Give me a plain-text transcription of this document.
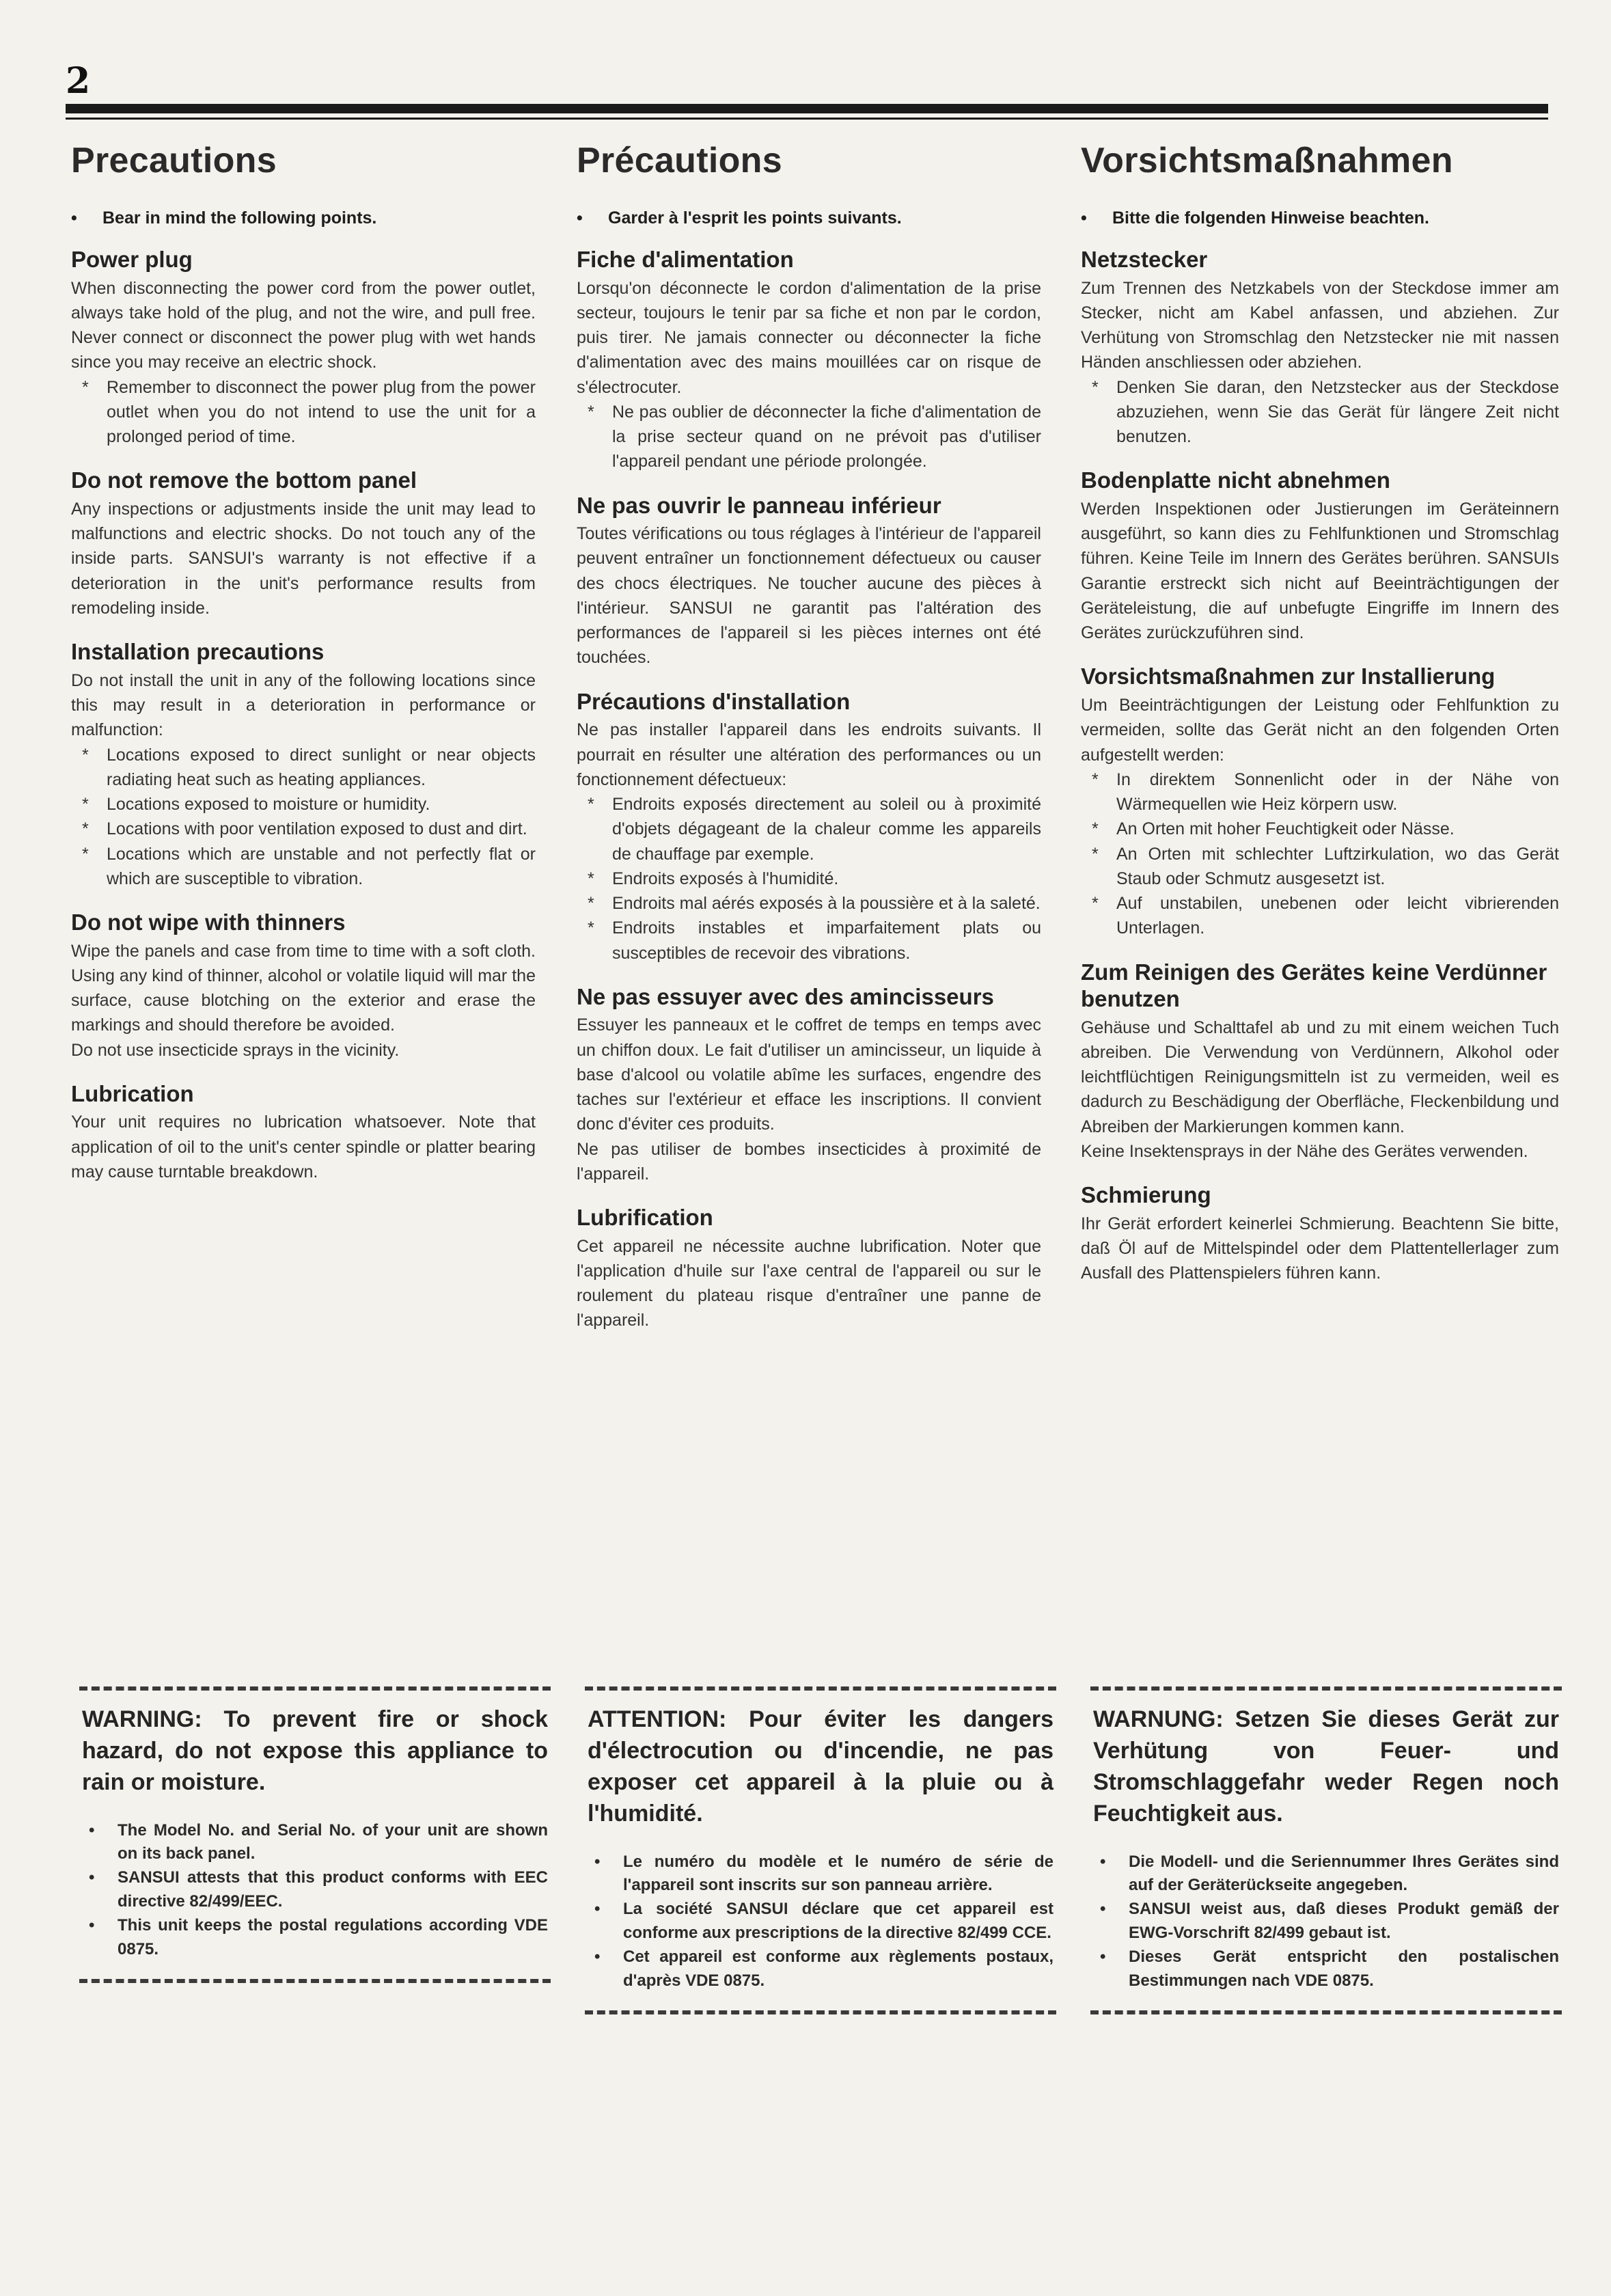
2
Precautions

• Bear in mind the following points.

Power plug

When disconnecting the power cord from the power outlet, always take hold of the plug, and not the wire, and pull free. Never connect or disconnect the power plug with wet hands since you may receive an electric shock.

* Remember to disconnect the power plug from the power outlet when you do not intend to use the unit for a prolonged period of time.
Do not remove the bottom panel

Any inspections or adjustments inside the unit may lead to malfunctions and electric shocks. Do not touch any of the inside parts. SANSUI's warranty is not effective if a deterioration in the unit's performance results from remodeling inside.

Installation precautions

Do not install the unit in any of the following locations since this may result in a deterioration in performance or malfunction:

* Locations exposed to direct sunlight or near objects radiating heat such as heating appliances.
* Locations exposed to moisture or humidity.
* Locations with poor ventilation exposed to dust and dirt.
* Locations which are unstable and not perfectly flat or which are susceptible to vibration.
Do not wipe with thinners

Wipe the panels and case from time to time with a soft cloth. Using any kind of thinner, alcohol or volatile liquid will mar the surface, cause blotching on the exterior and erase the markings and should therefore be avoided.

Do not use insecticide sprays in the vicinity.

Lubrication

Your unit requires no lubrication whatsoever. Note that application of oil to the unit's center spindle or platter bearing may cause turntable breakdown.

Précautions

• Garder à l'esprit les points suivants.

Fiche d'alimentation

Lorsqu'on déconnecte le cordon d'alimentation de la prise secteur, toujours le tenir par sa fiche et non par le cordon, puis tirer. Ne jamais connecter ou déconnecter la fiche d'alimentation avec des mains mouillées car on risque de s'électrocuter.

* Ne pas oublier de déconnecter la fiche d'alimentation de la prise secteur quand on ne prévoit pas d'utiliser l'appareil pendant une période prolongée.
Ne pas ouvrir le panneau inférieur

Toutes vérifications ou tous réglages à l'intérieur de l'appareil peuvent entraîner un fonctionnement défectueux ou causer des chocs électriques. Ne toucher aucune des pièces à l'intérieur. SANSUI ne garantit pas l'altération des performances de l'appareil si les pièces internes ont été touchées.

Précautions d'installation

Ne pas installer l'appareil dans les endroits suivants. Il pourrait en résulter une altération des performances ou un fonctionnement défectueux:

* Endroits exposés directement au soleil ou à proximité d'objets dégageant de la chaleur comme les appareils de chauffage par exemple.
* Endroits exposés à l'humidité.
* Endroits mal aérés exposés à la poussière et à la saleté.
* Endroits instables et imparfaitement plats ou susceptibles de recevoir des vibrations.
Ne pas essuyer avec des amincisseurs

Essuyer les panneaux et le coffret de temps en temps avec un chiffon doux. Le fait d'utiliser un amincisseur, un liquide à base d'alcool ou volatile abîme les surfaces, engendre des taches sur l'extérieur et efface les inscriptions. Il convient donc d'éviter ces produits.

Ne pas utiliser de bombes insecticides à proximité de l'appareil.

Lubrification

Cet appareil ne nécessite auchne lubrification. Noter que l'application d'huile sur l'axe central de l'appareil ou sur le roulement du plateau risque d'entraîner une panne de l'appareil.

Vorsichtsmaßnahmen

• Bitte die folgenden Hinweise beachten.

Netzstecker

Zum Trennen des Netzkabels von der Steckdose immer am Stecker, nicht am Kabel anfassen, und abziehen. Zur Verhütung von Stromschlag den Netzstecker nie mit nassen Händen anschliessen oder abziehen.

* Denken Sie daran, den Netzstecker aus der Steckdose abzuziehen, wenn Sie das Gerät für längere Zeit nicht benutzen.
Bodenplatte nicht abnehmen

Werden Inspektionen oder Justierungen im Geräteinnern ausgeführt, so kann dies zu Fehlfunktionen und Stromschlag führen. Keine Teile im Innern des Gerätes berühren. SANSUIs Garantie erstreckt sich nicht auf Beeinträchtigungen der Geräteleistung, die auf unbefugte Eingriffe im Innern des Gerätes zurückzuführen sind.

Vorsichtsmaßnahmen zur Installierung

Um Beeinträchtigungen der Leistung oder Fehlfunktion zu vermeiden, sollte das Gerät nicht an den folgenden Orten aufgestellt werden:

* In direktem Sonnenlicht oder in der Nähe von Wärmequellen wie Heiz körpern usw.
* An Orten mit hoher Feuchtigkeit oder Nässe.
* An Orten mit schlechter Luftzirkulation, wo das Gerät Staub oder Schmutz ausgesetzt ist.
* Auf unstabilen, unebenen oder leicht vibrierenden Unterlagen.
Zum Reinigen des Gerätes keine Verdünner benutzen

Gehäuse und Schalttafel ab und zu mit einem weichen Tuch abreiben. Die Verwendung von Verdünnern, Alkohol oder leichtflüchtigen Reinigungsmitteln ist zu vermeiden, weil es dadurch zu Beschädigung der Oberfläche, Fleckenbildung und Abreiben der Markierungen kommen kann.

Keine Insektensprays in der Nähe des Gerätes verwenden.

Schmierung

Ihr Gerät erfordert keinerlei Schmierung. Beachtenn Sie bitte, daß Öl auf de Mittelspindel oder dem Plattentellerlager zum Ausfall des Plattenspielers führen kann.

WARNING: To prevent fire or shock hazard, do not expose this appliance to rain or moisture.

• The Model No. and Serial No. of your unit are shown on its back panel.
• SANSUI attests that this product conforms with EEC directive 82/499/EEC.
• This unit keeps the postal regulations according VDE 0875.

ATTENTION: Pour éviter les dangers d'électrocution ou d'incendie, ne pas exposer cet appareil à la pluie ou à l'humidité.

• Le numéro du modèle et le numéro de série de l'appareil sont inscrits sur son panneau arrière.
• La société SANSUI déclare que cet appareil est conforme aux prescriptions de la directive 82/499 CCE.
• Cet appareil est conforme aux règlements postaux, d'après VDE 0875.

WARNUNG: Setzen Sie dieses Gerät zur Verhütung von Feuer- und Stromschlaggefahr weder Regen noch Feuchtigkeit aus.

• Die Modell- und die Seriennummer Ihres Gerätes sind auf der Geräterückseite angegeben.
• SANSUI weist aus, daß dieses Produkt gemäß der EWG-Vorschrift 82/499 gebaut ist.
• Dieses Gerät entspricht den postalischen Bestimmungen nach VDE 0875.
